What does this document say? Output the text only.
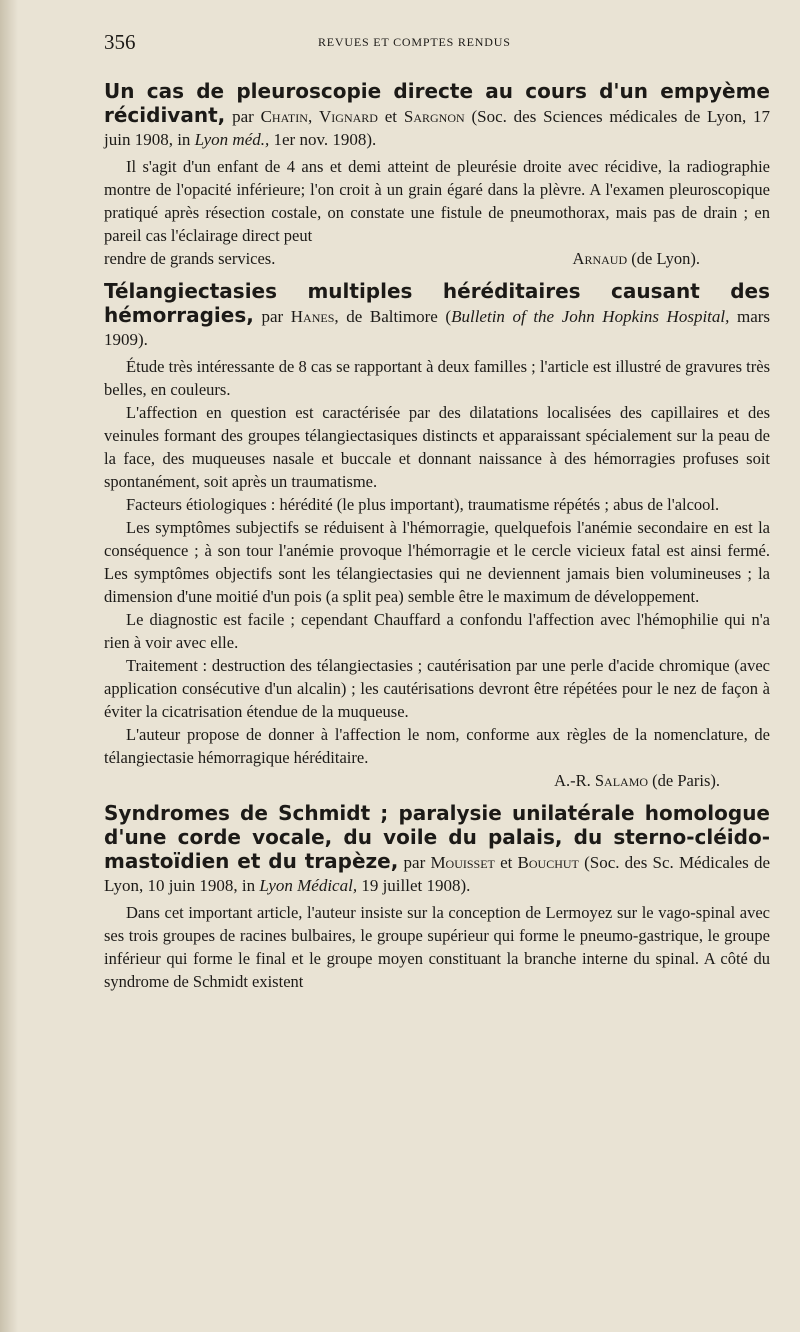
356	REVUES ET COMPTES RENDUS
Un cas de pleuroscopie directe au cours d'un empyème récidivant, par Chatin, Vignard et Sargnon (Soc. des Sciences médicales de Lyon, 17 juin 1908, in Lyon méd., 1er nov. 1908).

Il s'agit d'un enfant de 4 ans et demi atteint de pleurésie droite avec récidive, la radiographie montre de l'opacité inférieure; l'on croit à un grain égaré dans la plèvre. A l'examen pleuroscopique pratiqué après résection costale, on constate une fistule de pneumothorax, mais pas de drain ; en pareil cas l'éclairage direct peut

rendre de grands services.	Arnaud (de Lyon).

Télangiectasies multiples héréditaires causant des hémorragies, par Hanes, de Baltimore (Bulletin of the John Hopkins Hospital, mars 1909).

Étude très intéressante de 8 cas se rapportant à deux familles ; l'article est illustré de gravures très belles, en couleurs.

L'affection en question est caractérisée par des dilatations localisées des capillaires et des veinules formant des groupes télangiectasiques distincts et apparaissant spécialement sur la peau de la face, des muqueuses nasale et buccale et donnant naissance à des hémorragies profuses soit spontanément, soit après un traumatisme.

Facteurs étiologiques : hérédité (le plus important), traumatisme répétés ; abus de l'alcool.

Les symptômes subjectifs se réduisent à l'hémorragie, quelquefois l'anémie secondaire en est la conséquence ; à son tour l'anémie provoque l'hémorragie et le cercle vicieux fatal est ainsi fermé. Les symptômes objectifs sont les télangiectasies qui ne deviennent jamais bien volumineuses ; la dimension d'une moitié d'un pois (a split pea) semble être le maximum de développement.

Le diagnostic est facile ; cependant Chauffard a confondu l'affection avec l'hémophilie qui n'a rien à voir avec elle.

Traitement : destruction des télangiectasies ; cautérisation par une perle d'acide chromique (avec application consécutive d'un alcalin) ; les cautérisations devront être répétées pour le nez de façon à éviter la cicatrisation étendue de la muqueuse.

L'auteur propose de donner à l'affection le nom, conforme aux règles de la nomenclature, de télangiectasie hémorragique héréditaire.

A.-R. Salamo (de Paris).

Syndromes de Schmidt ; paralysie unilatérale homologue d'une corde vocale, du voile du palais, du sterno-cléido-mastoïdien et du trapèze, par Mouisset et Bouchut (Soc. des Sc. Médicales de Lyon, 10 juin 1908, in Lyon Médical, 19 juillet 1908).

Dans cet important article, l'auteur insiste sur la conception de Lermoyez sur le vago-spinal avec ses trois groupes de racines bulbaires, le groupe supérieur qui forme le pneumo-gastrique, le groupe inférieur qui forme le final et le groupe moyen constituant la branche interne du spinal. A côté du syndrome de Schmidt existent
